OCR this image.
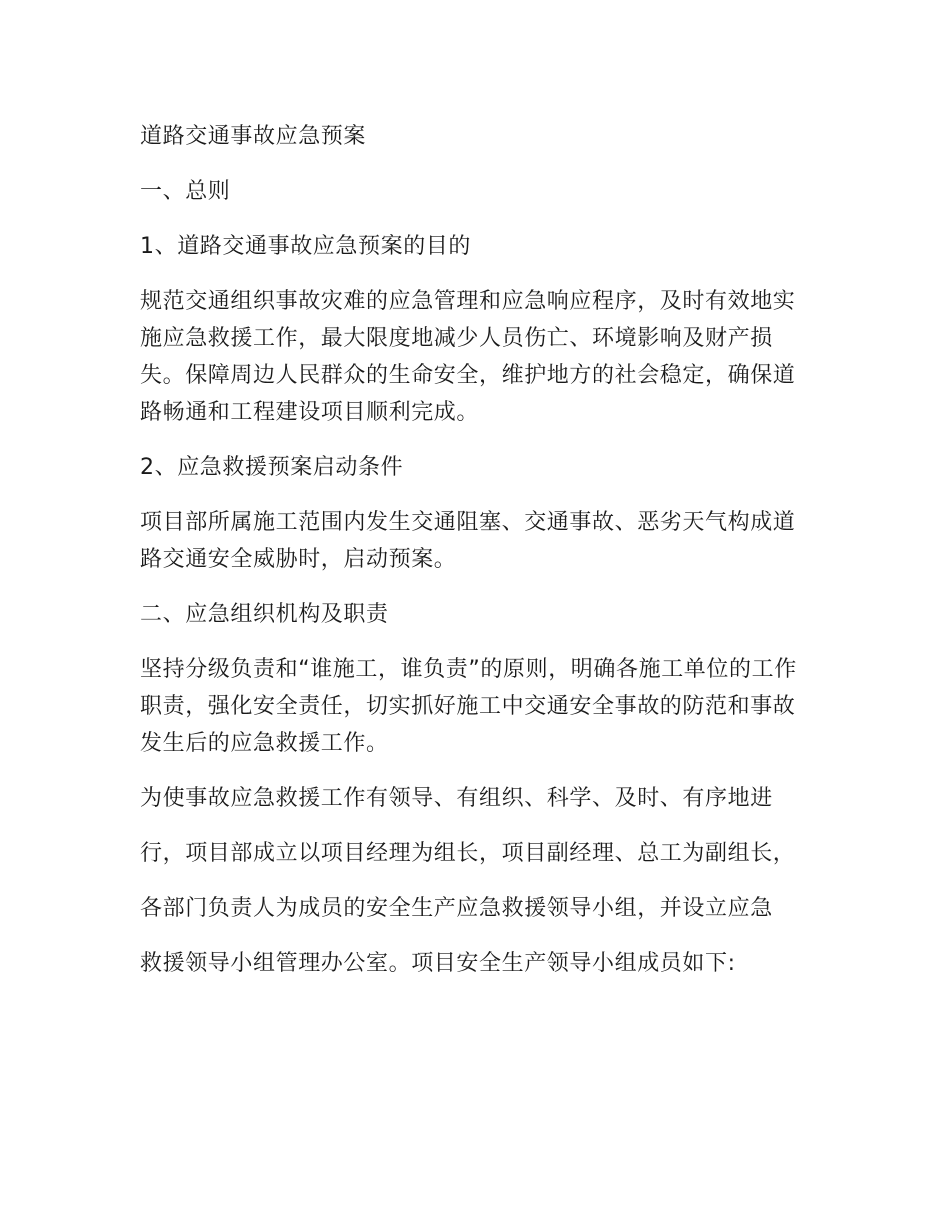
道路交通事故应急预案

一、总则

1、道路交通事故应急预案的目的

规范交通组织事故灾难的应急管理和应急响应程序，及时有效地实施应急救援工作，最大限度地减少人员伤亡、环境影响及财产损失。保障周边人民群众的生命安全，维护地方的社会稳定，确保道路畅通和工程建设项目顺利完成。

2、应急救援预案启动条件

项目部所属施工范围内发生交通阻塞、交通事故、恶劣天气构成道路交通安全威胁时，启动预案。

二、应急组织机构及职责

坚持分级负责和“谁施工，谁负责”的原则，明确各施工单位的工作职责，强化安全责任，切实抓好施工中交通安全事故的防范和事故发生后的应急救援工作。

为使事故应急救援工作有领导、有组织、科学、及时、有序地进

行，项目部成立以项目经理为组长，项目副经理、总工为副组长，

各部门负责人为成员的安全生产应急救援领导小组，并设立应急

救援领导小组管理办公室。项目安全生产领导小组成员如下:
